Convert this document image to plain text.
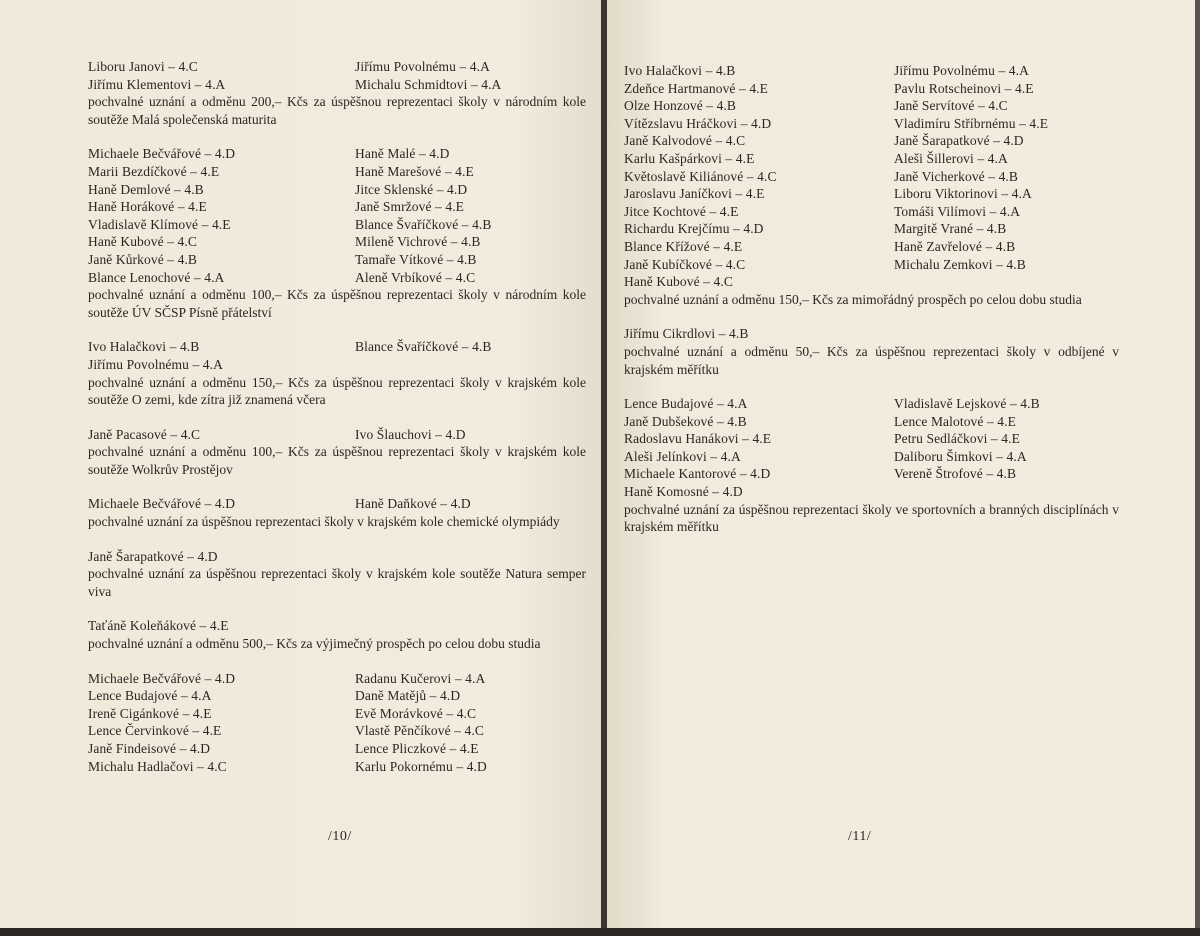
Liboru Janovi – 4.C	Jiřímu Povolnému – 4.A
Jiřímu Klementovi – 4.A	Michalu Schmidtovi – 4.A
pochvalné uznání a odměnu 200,– Kčs za úspěšnou reprezentaci školy v národním kole soutěže Malá společenská maturita
Michaele Bečvářové – 4.D	Haně Malé – 4.D
Marii Bezdíčkové – 4.E	Haně Marešové – 4.E
Haně Demlové – 4.B	Jitce Sklenské – 4.D
Haně Horákové – 4.E	Janě Smržové – 4.E
Vladislavě Klímové – 4.E	Blance Švaříčkové – 4.B
Haně Kubové – 4.C	Mileně Vichrové – 4.B
Janě Kůrkové – 4.B	Tamaře Vítkové – 4.B
Blance Lenochové – 4.A	Aleně Vrbíkové – 4.C
pochvalné uznání a odměnu 100,– Kčs za úspěšnou reprezentaci školy v národním kole soutěže ÚV SČSP Písně přátelství
Ivo Halačkovi – 4.B	Blance Švaříčkové – 4.B
Jiřímu Povolnému – 4.A
pochvalné uznání a odměnu 150,– Kčs za úspěšnou reprezentaci školy v krajském kole soutěže O zemi, kde zítra již znamená včera
Janě Pacasové – 4.C	Ivo Šlauchovi – 4.D
pochvalné uznání a odměnu 100,– Kčs za úspěšnou reprezentaci školy v krajském kole soutěže Wolkrův Prostějov
Michaele Bečvářové – 4.D	Haně Daňkové – 4.D
pochvalné uznání za úspěšnou reprezentaci školy v krajském kole chemické olympiády
Janě Šarapatkové – 4.D
pochvalné uznání za úspěšnou reprezentaci školy v krajském kole soutěže Natura semper viva
Taťáně Koleňákové – 4.E
pochvalné uznání a odměnu 500,– Kčs za výjimečný prospěch po celou dobu studia
Michaele Bečvářové – 4.D	Radanu Kučerovi – 4.A
Lence Budajové – 4.A	Daně Matějů – 4.D
Ireně Cigánkové – 4.E	Evě Morávkové – 4.C
Lence Červinkové – 4.E	Vlastě Pěnčíkové – 4.C
Janě Findeisové – 4.D	Lence Pliczkové – 4.E
Michalu Hadlačovi – 4.C	Karlu Pokornému – 4.D
/10/
Ivo Halačkovi – 4.B	Jiřímu Povolnému – 4.A
Zdeňce Hartmanové – 4.E	Pavlu Rotscheinovi – 4.E
Olze Honzové – 4.B	Janě Servítové – 4.C
Vítězslavu Hráčkovi – 4.D	Vladimíru Stříbrnému – 4.E
Janě Kalvodové – 4.C	Janě Šarapatkové – 4.D
Karlu Kašpárkovi – 4.E	Aleši Šillerovi – 4.A
Květoslavě Kiliánové – 4.C	Janě Vicherkové – 4.B
Jaroslavu Janíčkovi – 4.E	Liboru Viktorinovi – 4.A
Jitce Kochtové – 4.E	Tomáši Vilímovi – 4.A
Richardu Krejčímu – 4.D	Margitě Vrané – 4.B
Blance Křížové – 4.E	Haně Zavřelové – 4.B
Janě Kubíčkové – 4.C	Michalu Zemkovi – 4.B
Haně Kubové – 4.C
pochvalné uznání a odměnu 150,– Kčs za mimořádný prospěch po celou dobu studia
Jiřímu Cikrdlovi – 4.B
pochvalné uznání a odměnu 50,– Kčs za úspěšnou reprezentaci školy v odbíjené v krajském měřítku
Lence Budajové – 4.A	Vladislavě Lejskové – 4.B
Janě Dubšekové – 4.B	Lence Malotové – 4.E
Radoslavu Hanákovi – 4.E	Petru Sedláčkovi – 4.E
Aleši Jelínkovi – 4.A	Daliboru Šimkovi – 4.A
Michaele Kantorové – 4.D	Vereně Štrofové – 4.B
Haně Komosné – 4.D
pochvalné uznání za úspěšnou reprezentaci školy ve sportovních a branných disciplínách v krajském měřítku
/11/
